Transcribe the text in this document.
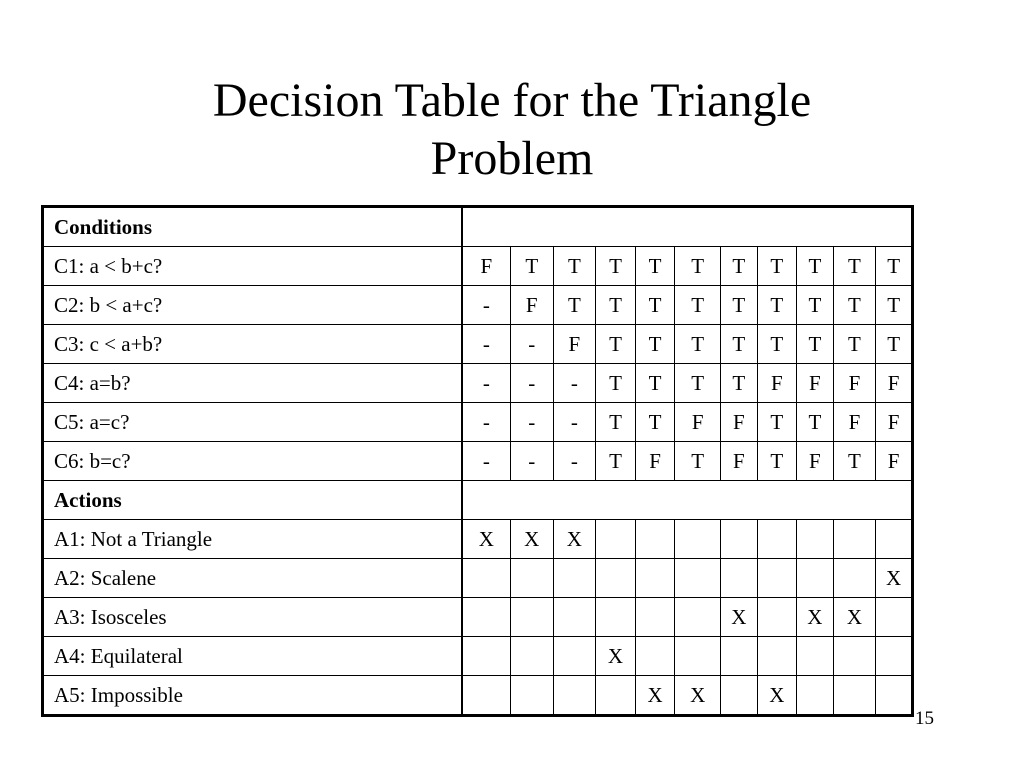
Decision Table for the Triangle
Problem
Conditions											
C1: a < b+c?	F	T	T	T	T	T	T	T	T	T	T
C2: b < a+c?	-	F	T	T	T	T	T	T	T	T	T
C3: c < a+b?	-	-	F	T	T	T	T	T	T	T	T
C4: a=b?	-	-	-	T	T	T	T	F	F	F	F
C5: a=c?	-	-	-	T	T	F	F	T	T	F	F
C6: b=c?	-	-	-	T	F	T	F	T	F	T	F
Actions											
A1: Not a Triangle	X	X	X								
A2: Scalene											X
A3: Isosceles							X		X	X	
A4: Equilateral				X							
A5: Impossible					X	X		X			
15
